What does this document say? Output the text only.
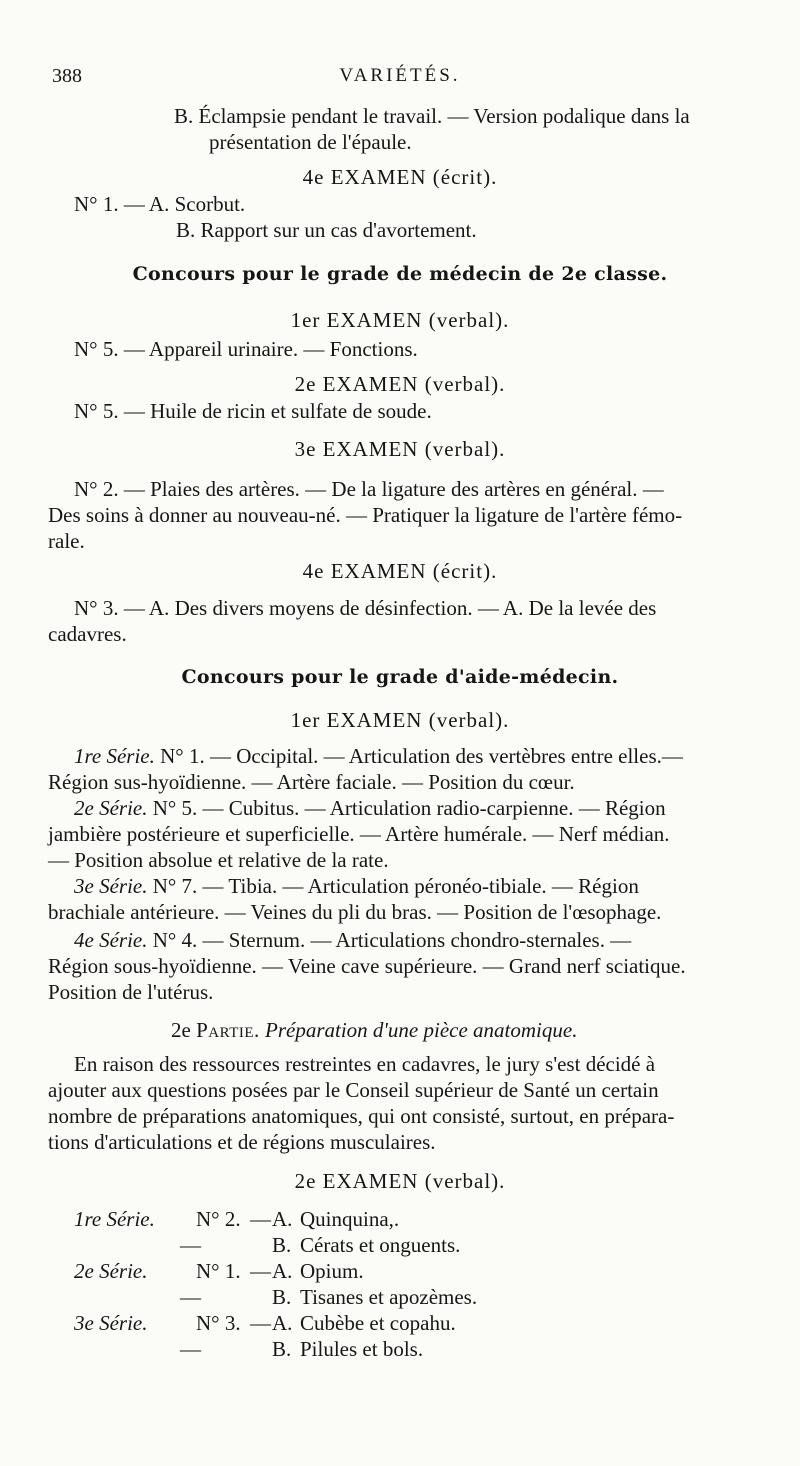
388	VARIÉTÉS.
B. Éclampsie pendant le travail. — Version podalique dans la
présentation de l'épaule.
4e EXAMEN (écrit).
N° 1. — A. Scorbut.
B. Rapport sur un cas d'avortement.
Concours pour le grade de médecin de 2e classe.
1er EXAMEN (verbal).
N° 5. — Appareil urinaire. — Fonctions.
2e EXAMEN (verbal).
N° 5. — Huile de ricin et sulfate de soude.
3e EXAMEN (verbal).
N° 2. — Plaies des artères. — De la ligature des artères en général. —
Des soins à donner au nouveau-né. — Pratiquer la ligature de l'artère fémo-
rale.
4e EXAMEN (écrit).
N° 3. — A. Des divers moyens de désinfection. — A. De la levée des
cadavres.
Concours pour le grade d'aide-médecin.
1er EXAMEN (verbal).
1re Série. N° 1. — Occipital. — Articulation des vertèbres entre elles.—
Région sus-hyoïdienne. — Artère faciale. — Position du cœur.
2e Série. N° 5. — Cubitus. — Articulation radio-carpienne. — Région
jambière postérieure et superficielle. — Artère humérale. — Nerf médian.
— Position absolue et relative de la rate.
3e Série. N° 7. — Tibia. — Articulation péronéo-tibiale. — Région
brachiale antérieure. — Veines du pli du bras. — Position de l'œsophage.
4e Série. N° 4. — Sternum. — Articulations chondro-sternales. —
Région sous-hyoïdienne. — Veine cave supérieure. — Grand nerf sciatique.
Position de l'utérus.
2e Partie. Préparation d'une pièce anatomique.
En raison des ressources restreintes en cadavres, le jury s'est décidé à
ajouter aux questions posées par le Conseil supérieur de Santé un certain
nombre de préparations anatomiques, qui ont consisté, surtout, en prépara-
tions d'articulations et de régions musculaires.
2e EXAMEN (verbal).
1re Série. N° 2. — A. Quinquina,.
—	B. Cérats et onguents.
2e Série. N° 1. — A. Opium.
—	B. Tisanes et apozèmes.
3e Série. N° 3. — A. Cubèbe et copahu.
—	B. Pilules et bols.
